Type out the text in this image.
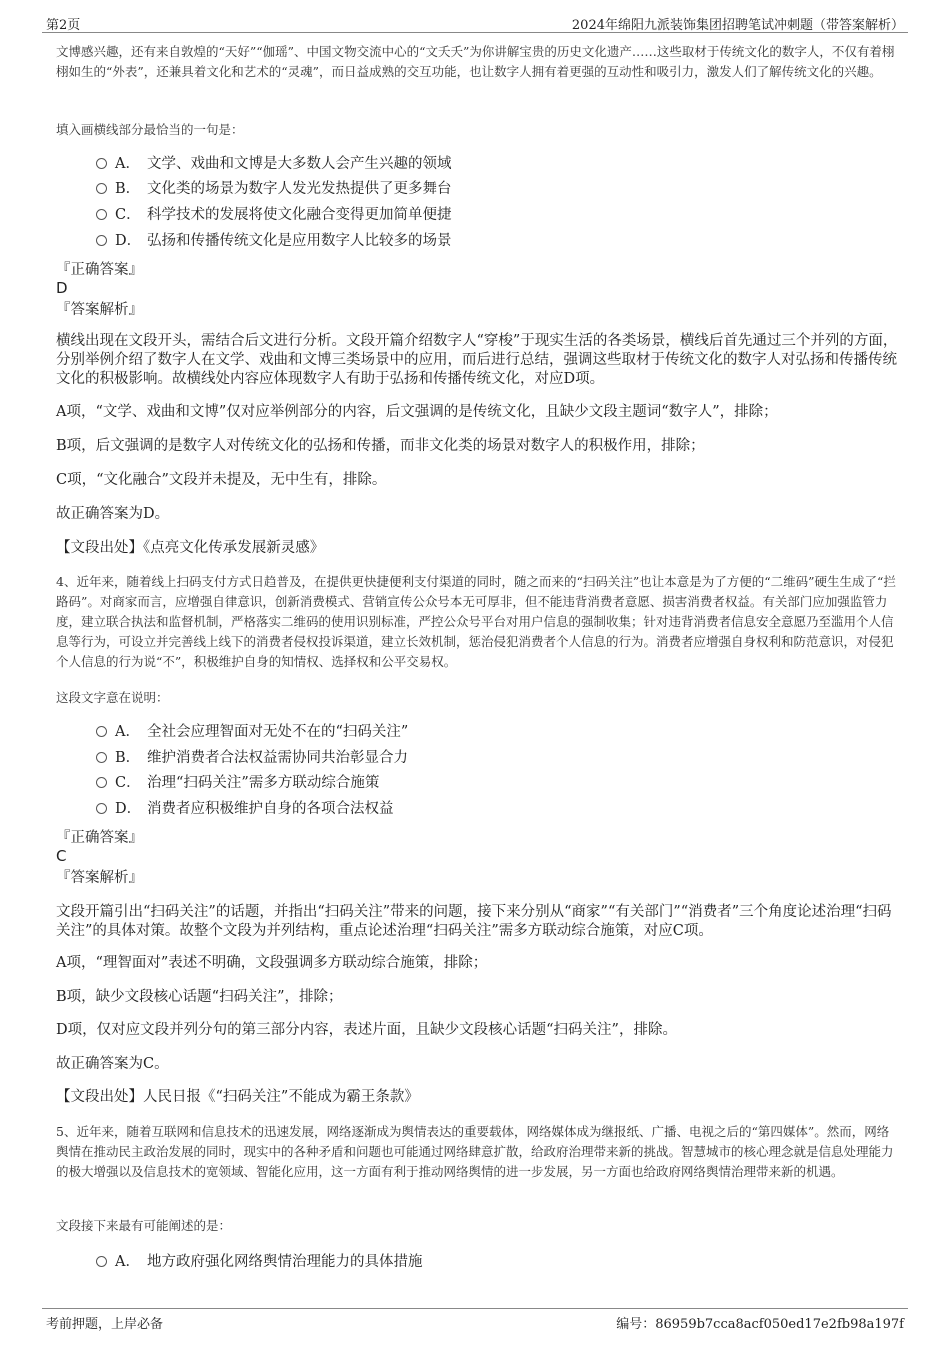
第2页	2024年绵阳九派装饰集团招聘笔试冲刺题（带答案解析）
文博感兴趣，还有来自敦煌的“天好”“伽瑶”、中国文物交流中心的“文夭夭”为你讲解宝贵的历史文化遗产……这些取材于传统文化的数字人，不仅有着栩栩如生的“外表”，还兼具着文化和艺术的“灵魂”，而日益成熟的交互功能，也让数字人拥有着更强的互动性和吸引力，激发人们了解传统文化的兴趣。
填入画横线部分最恰当的一句是：
A． 文学、戏曲和文博是大多数人会产生兴趣的领域
B． 文化类的场景为数字人发光发热提供了更多舞台
C． 科学技术的发展将使文化融合变得更加简单便捷
D． 弘扬和传播传统文化是应用数字人比较多的场景
『正确答案』
D
『答案解析』
横线出现在文段开头，需结合后文进行分析。文段开篇介绍数字人“穿梭”于现实生活的各类场景，横线后首先通过三个并列的方面，分别举例介绍了数字人在文学、戏曲和文博三类场景中的应用，而后进行总结，强调这些取材于传统文化的数字人对弘扬和传播传统文化的积极影响。故横线处内容应体现数字人有助于弘扬和传播传统文化，对应D项。
A项，“文学、戏曲和文博”仅对应举例部分的内容，后文强调的是传统文化，且缺少文段主题词“数字人”，排除；
B项，后文强调的是数字人对传统文化的弘扬和传播，而非文化类的场景对数字人的积极作用，排除；
C项，“文化融合”文段并未提及，无中生有，排除。
故正确答案为D。
【文段出处】《点亮文化传承发展新灵感》
4、近年来，随着线上扫码支付方式日趋普及，在提供更快捷便利支付渠道的同时，随之而来的“扫码关注”也让本意是为了方便的“二维码”硬生生成了“拦路码”。对商家而言，应增强自律意识，创新消费模式、营销宣传公众号本无可厚非，但不能违背消费者意愿、损害消费者权益。有关部门应加强监管力度，建立联合执法和监督机制，严格落实二维码的使用识别标准，严控公众号平台对用户信息的强制收集；针对违背消费者信息安全意愿乃至滥用个人信息等行为，可设立并完善线上线下的消费者侵权投诉渠道，建立长效机制，惩治侵犯消费者个人信息的行为。消费者应增强自身权利和防范意识，对侵犯个人信息的行为说“不”，积极维护自身的知情权、选择权和公平交易权。
这段文字意在说明：
A． 全社会应理智面对无处不在的“扫码关注”
B． 维护消费者合法权益需协同共治彰显合力
C． 治理“扫码关注”需多方联动综合施策
D． 消费者应积极维护自身的各项合法权益
『正确答案』
C
『答案解析』
文段开篇引出“扫码关注”的话题，并指出“扫码关注”带来的问题，接下来分别从“商家”“有关部门”“消费者”三个角度论述治理“扫码关注”的具体对策。故整个文段为并列结构，重点论述治理“扫码关注”需多方联动综合施策，对应C项。
A项，“理智面对”表述不明确，文段强调多方联动综合施策，排除；
B项，缺少文段核心话题“扫码关注”，排除；
D项，仅对应文段并列分句的第三部分内容，表述片面，且缺少文段核心话题“扫码关注”，排除。
故正确答案为C。
【文段出处】人民日报《“扫码关注”不能成为霸王条款》
5、近年来，随着互联网和信息技术的迅速发展，网络逐渐成为舆情表达的重要载体，网络媒体成为继报纸、广播、电视之后的“第四媒体”。然而，网络舆情在推动民主政治发展的同时，现实中的各种矛盾和问题也可能通过网络肆意扩散，给政府治理带来新的挑战。智慧城市的核心理念就是信息处理能力的极大增强以及信息技术的宽领域、智能化应用，这一方面有利于推动网络舆情的进一步发展，另一方面也给政府网络舆情治理带来新的机遇。
文段接下来最有可能阐述的是：
A． 地方政府强化网络舆情治理能力的具体措施
考前押题，上岸必备	编号：86959b7cca8acf050ed17e2fb98a197f
